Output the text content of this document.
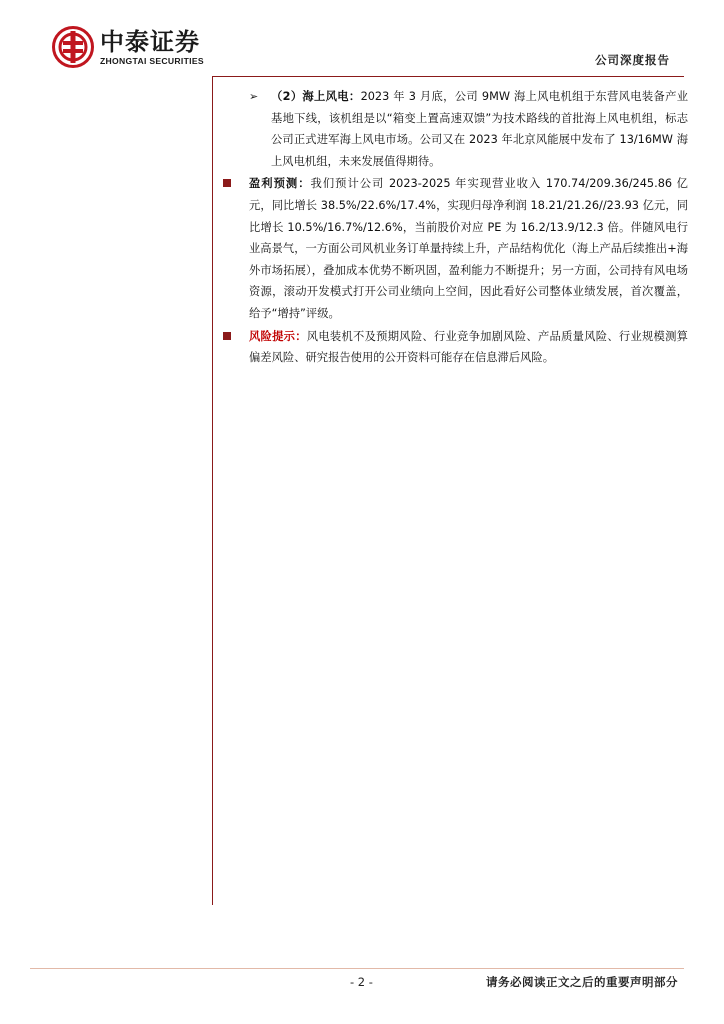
中泰证券
ZHONGTAI SECURITIES	公司深度报告
➢	（2）海上风电：2023 年 3 月底，公司 9MW 海上风电机组于东营风电装备产业基地下线，该机组是以“箱变上置高速双馈”为技术路线的首批海上风电机组，标志公司正式进军海上风电市场。公司又在 2023 年北京风能展中发布了 13/16MW 海上风电机组，未来发展值得期待。
盈利预测：我们预计公司 2023-2025 年实现营业收入 170.74/209.36/245.86 亿元，同比增长 38.5%/22.6%/17.4%，实现归母净利润 18.21/21.26//23.93 亿元，同比增长 10.5%/16.7%/12.6%，当前股价对应 PE 为 16.2/13.9/12.3 倍。伴随风电行业高景气，一方面公司风机业务订单量持续上升，产品结构优化（海上产品后续推出+海外市场拓展），叠加成本优势不断巩固，盈利能力不断提升；另一方面，公司持有风电场资源，滚动开发模式打开公司业绩向上空间，因此看好公司整体业绩发展，首次覆盖，给予“增持”评级。
风险提示：风电装机不及预期风险、行业竞争加剧风险、产品质量风险、行业规模测算偏差风险、研究报告使用的公开资料可能存在信息滞后风险。
- 2 -	请务必阅读正文之后的重要声明部分
